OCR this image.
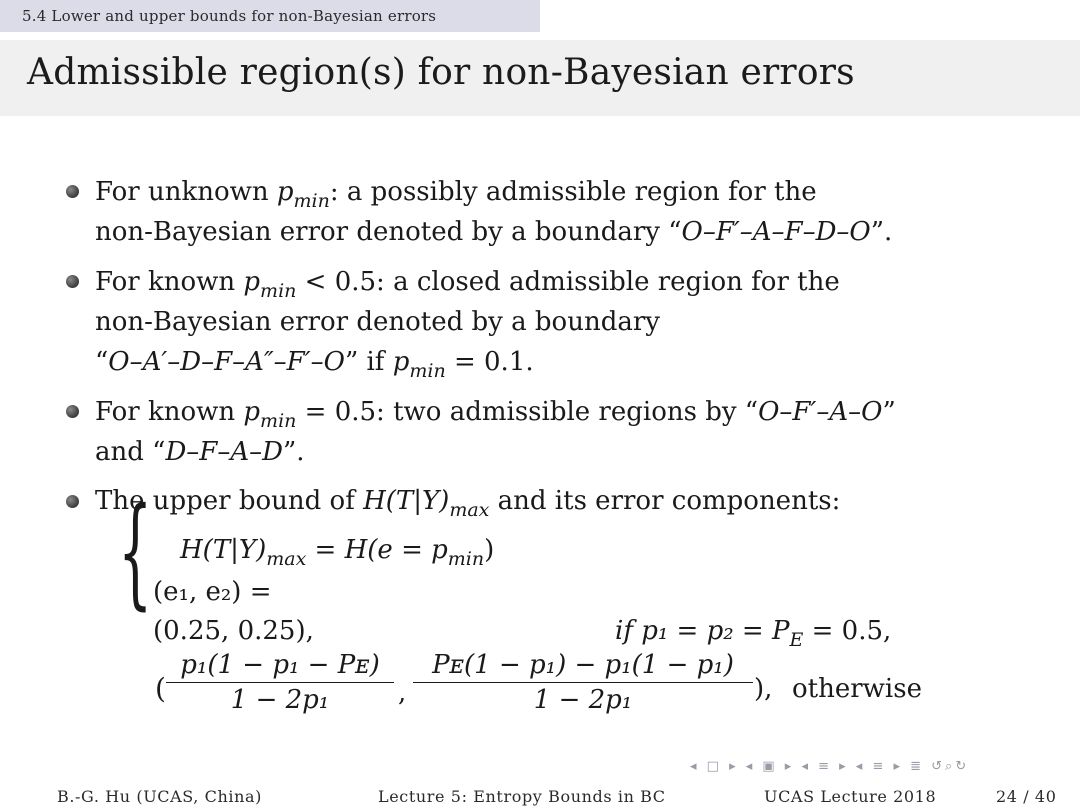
5.4 Lower and upper bounds for non-Bayesian errors
Admissible region(s) for non-Bayesian errors
For unknown $p_{min}$: a possibly admissible region for the
non-Bayesian error denoted by a boundary “O–F′–A–F–D–O”.
For known $p_{min} < 0.5$: a closed admissible region for the
non-Bayesian error denoted by a boundary
“O–A′–D–F–A″–F′–O” if $p_{min} = 0.1$.
For known $p_{min} = 0.5$: two admissible regions by “O–F′–A–O”
and “D–F–A–D”.
The upper bound of $H(T|Y)_{max}$ and its error components:
$H(T|Y)_{max} = H(e = p_{min})$
(e₁, e₂) =
{
(0.25, 0.25),	if $p_1 = p_2 = P_E = 0.5$,
( $\frac{\text{p₁(1 − p₁ − Pᴇ)}}{\text{1 − 2p₁}}$ , $\frac{\text{Pᴇ(1 − p₁) − p₁(1 − p₁)}}{\text{1 − 2p₁}}$ ), otherwise
◂ □ ▸ ◂ ▣ ▸ ◂ ≡ ▸ ◂ ≡ ▸ ≣ ↺⌕↻
B.-G. Hu (UCAS, China)	Lecture 5: Entropy Bounds in BC	UCAS Lecture 2018	24 / 40
